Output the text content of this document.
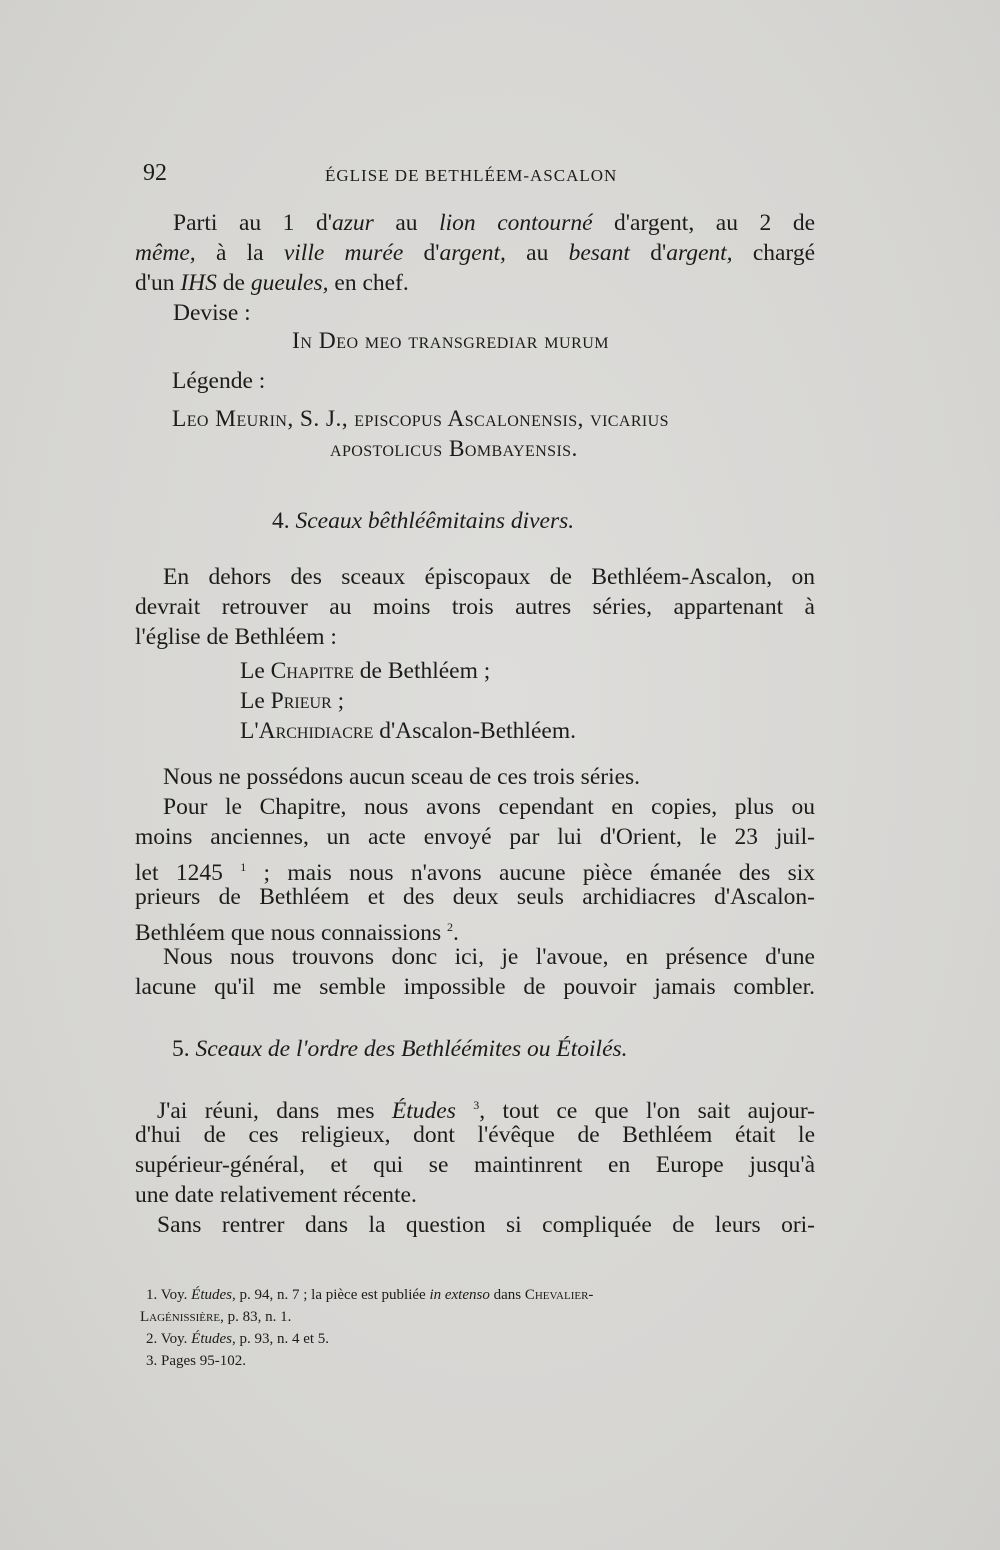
92	ÉGLISE DE BETHLÉEM-ASCALON
Parti au 1 d'azur au lion contourné d'argent, au 2 de
même, à la ville murée d'argent, au besant d'argent, chargé
d'un IHS de gueules, en chef.
Devise :
In Deo meo transgrediar murum
Légende :
Leo Meurin, S. J., episcopus Ascalonensis, vicarius
apostolicus Bombayensis.
4. Sceaux bêthléêmitains divers.
En dehors des sceaux épiscopaux de Bethléem-Ascalon, on
devrait retrouver au moins trois autres séries, appartenant à
l'église de Bethléem :
Le Chapitre de Bethléem ;
Le Prieur ;
L'Archidiacre d'Ascalon-Bethléem.
Nous ne possédons aucun sceau de ces trois séries.
Pour le Chapitre, nous avons cependant en copies, plus ou
moins anciennes, un acte envoyé par lui d'Orient, le 23 juil-
let 1245 $^1$ ; mais nous n'avons aucune pièce émanée des six
prieurs de Bethléem et des deux seuls archidiacres d'Ascalon-
Bethléem que nous connaissions $^2$.
Nous nous trouvons donc ici, je l'avoue, en présence d'une
lacune qu'il me semble impossible de pouvoir jamais combler.
5. Sceaux de l'ordre des Bethléémites ou Étoilés.
J'ai réuni, dans mes Études $^3$, tout ce que l'on sait aujour-
d'hui de ces religieux, dont l'évêque de Bethléem était le
supérieur-général, et qui se maintinrent en Europe jusqu'à
une date relativement récente.
Sans rentrer dans la question si compliquée de leurs ori-
1. Voy. Études, p. 94, n. 7 ; la pièce est publiée in extenso dans Chevalier-
Lagénissière, p. 83, n. 1.
2. Voy. Études, p. 93, n. 4 et 5.
3. Pages 95-102.
